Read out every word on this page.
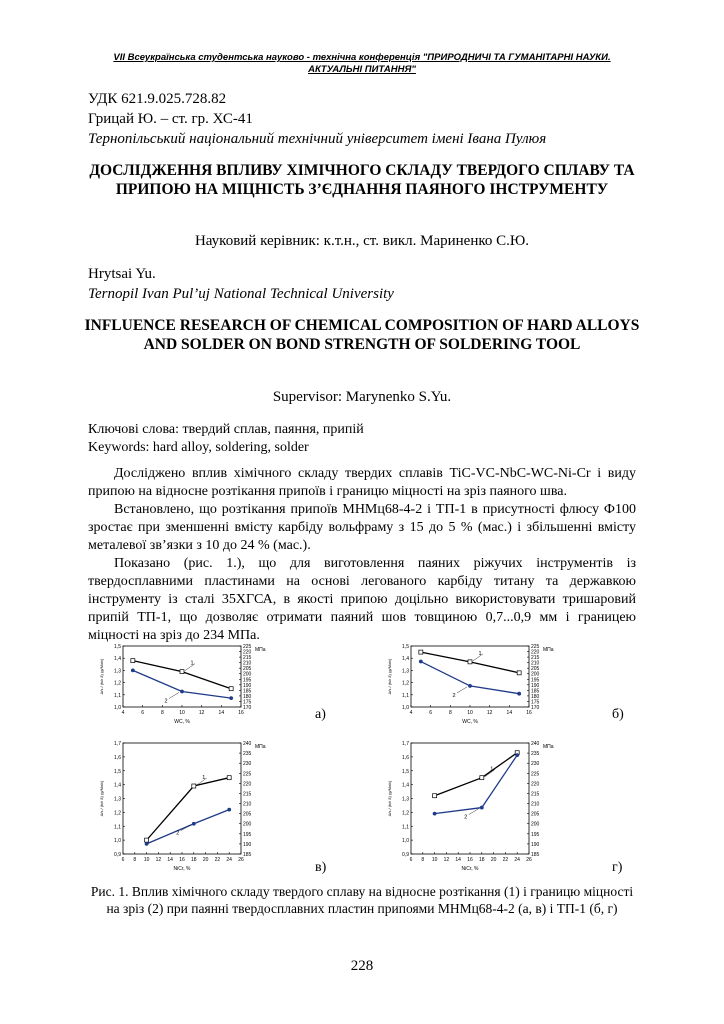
VII Всеукраїнська студентська науково - технічна конференція "ПРИРОДНИЧІ ТА ГУМАНІТАРНІ НАУКИ.
АКТУАЛЬНІ ПИТАННЯ"
УДК 621.9.025.728.82
Грицай Ю. – ст. гр. ХС-41
Тернопільський національний технічний університет імені Івана Пулюя
ДОСЛІДЖЕННЯ ВПЛИВУ ХІМІЧНОГО СКЛАДУ ТВЕРДОГО СПЛАВУ ТА ПРИПОЮ НА МІЦНІСТЬ З’ЄДНАННЯ ПАЯНОГО ІНСТРУМЕНТУ
Науковий керівник: к.т.н., ст. викл. Мариненко С.Ю.
Hrytsai Yu.
Ternopil Ivan Pul’uj National Technical University
INFLUENCE RESEARCH OF CHEMICAL COMPOSITION OF HARD ALLOYS AND SOLDER ON BOND STRENGTH OF SOLDERING TOOL
Supervisor: Marynenko S.Yu.
Ключові слова: твердий сплав, паяння, припій
Keywords: hard alloy, soldering, solder
Досліджено вплив хімічного складу твердих сплавів TiC-VC-NbC-WC-Ni-Cr і виду припою на відносне розтікання припоїв і границю міцності на зріз паяного шва.
Встановлено, що розтікання припоїв МНМц68-4-2 і ТП-1 в присутності флюсу Ф100 зростає при зменшенні вмісту карбіду вольфраму з 15 до 5 % (мас.) і збільшенні вмісту металевої зв’язки з 10 до 24 % (мас.).
Показано (рис. 1.), що для виготовлення паяних ріжучих інструментів із твердосплавними пластинами на основі легованого карбіду титану та державкою інструменту із сталі 35ХГСА, в якості припою доцільно використовувати тришаровий припій ТП-1, що дозволяє отримати паяний шов товщиною 0,7...0,9 мм і границею міцності на зріз до 234 МПа.
4	6	8	10	12	14	16
1,0
1,1
1,2
1,3
1,4
1,5
170
175
180
185
190
195
200
205
210
215
220
225
WC, %
Δ/s / (h/ε δ) (g/Mo/ε)
МПа
1
2
4	6	8	10	12	14	16
1,0
1,1
1,2
1,3
1,4
1,5
170
175
180
185
190
195
200
205
210
215
220
225
WC, %
Δ/s / (h/ε δ) (g/Mo/ε)
МПа
1
2
6 8 10 12 14 16 18 20 22 24 26
0,9
1,0
1,1
1,2
1,3
1,4
1,5
1,6
1,7
185
190
195
200
205
210
215
220
225
230
235
240
NiCr, %
Δ/s / (h/ε δ) (g/Mo/ε)
МПа
1
2
6 8 10 12 14 16 18 20 22 24 26
0,9
1,0
1,1
1,2
1,3
1,4
1,5
1,6
1,7
185
190
195
200
205
210
215
220
225
230
235
240
NiCr, %
Δ/s / (h/ε δ) (g/Mo/ε)
МПа
1
2
а)	б)
в)	г)
Рис. 1. Вплив хімічного складу твердого сплаву на відносне розтікання (1) і границю міцності на зріз (2) при паянні твердосплавних пластин припоями МНМц68-4-2 (а, в) і ТП-1 (б, г)
228
